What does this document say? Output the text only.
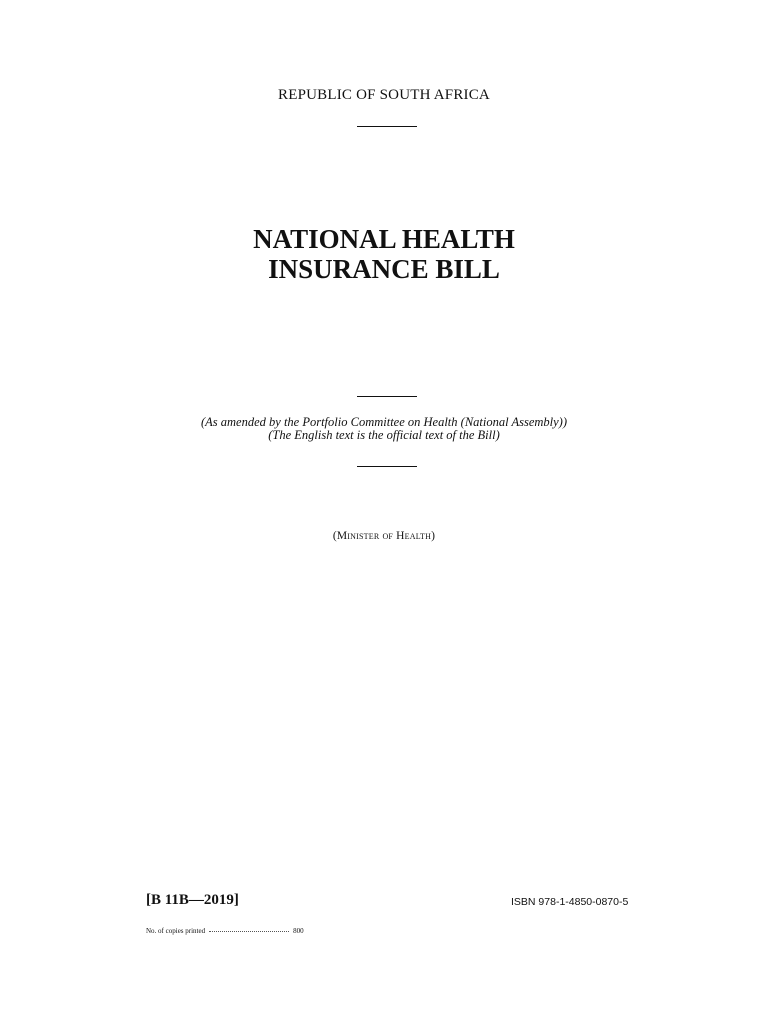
REPUBLIC OF SOUTH AFRICA
NATIONAL HEALTH
INSURANCE BILL
(As amended by the Portfolio Committee on Health (National Assembly))
(The English text is the official text of the Bill)
(Minister of Health)
[B 11B—2019]	ISBN 978-1-4850-0870-5
No. of copies printed	800
